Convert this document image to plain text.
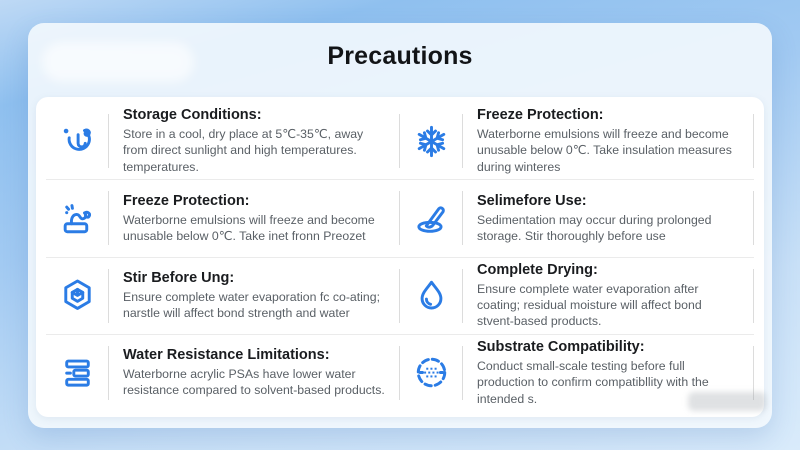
Precautions
Storage Conditions:
Store in a cool, dry place at 5℃-35℃, away from direct sunlight and high temperatures. temperatures.
Freeze Protection:
Waterborne emulsions will freeze and become unusable below 0℃. Take insulation measures during winteres
Freeze Protection:
Waterborne emulsions will freeze and become unusable below 0℃. Take inet fronn Preozet
Selimefore Use:
Sedimentation may occur during prolonged storage. Stir thoroughly before use
Stir Before Ung:
Ensure complete water evaporation fc co-ating; narstle will affect bond strength and water
Complete Drying:
Ensure complete water evaporation after coating; residual moisture will affect bond stvent-based products.
Water Resistance Limitations:
Waterborne acrylic PSAs have lower water resistance compared to solvent-based products.
Substrate Compatibility:
Conduct small-scale testing before full production to confirm compatibllity with the intended s.
